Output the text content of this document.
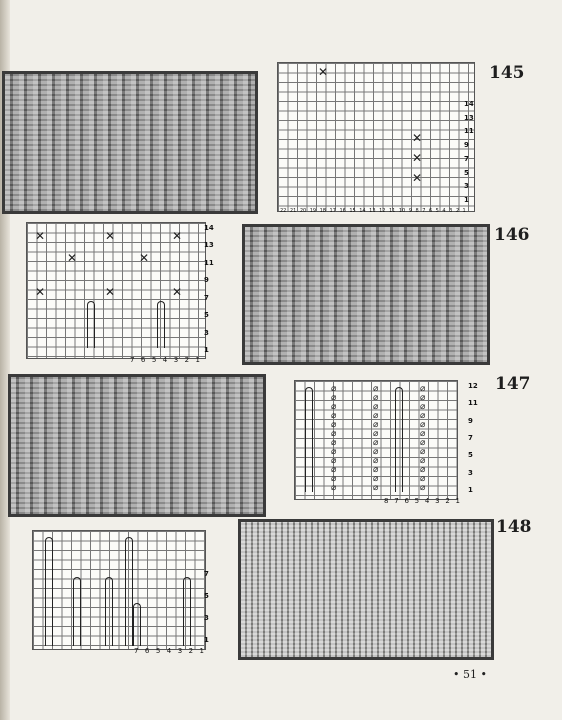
✕
✕
✕
✕
14
13
11
9
7
5
3
1
22 21 20 19 18 17 16 15 14 13 12 11 10 9 8 7 6 5 4 3 2 1
145
✕	✕	✕
✕	✕
✕	✕	✕
14
13
11
9
7
5
3
1
7 6 5 4 3 2 1
146
⌀
⌀
⌀
⌀
⌀
⌀
⌀
⌀
⌀
⌀
⌀
⌀
⌀
⌀
⌀
⌀
⌀
⌀
⌀
⌀
⌀
⌀
⌀
⌀
⌀
⌀
⌀
⌀
⌀
⌀
⌀
⌀
⌀
⌀
⌀
⌀
12
11
9
7
5
3
1
8 7 6 5 4 3 2 1
147
7
5
3
1
7 6 5 4 3 2 1
148
• 51 •
